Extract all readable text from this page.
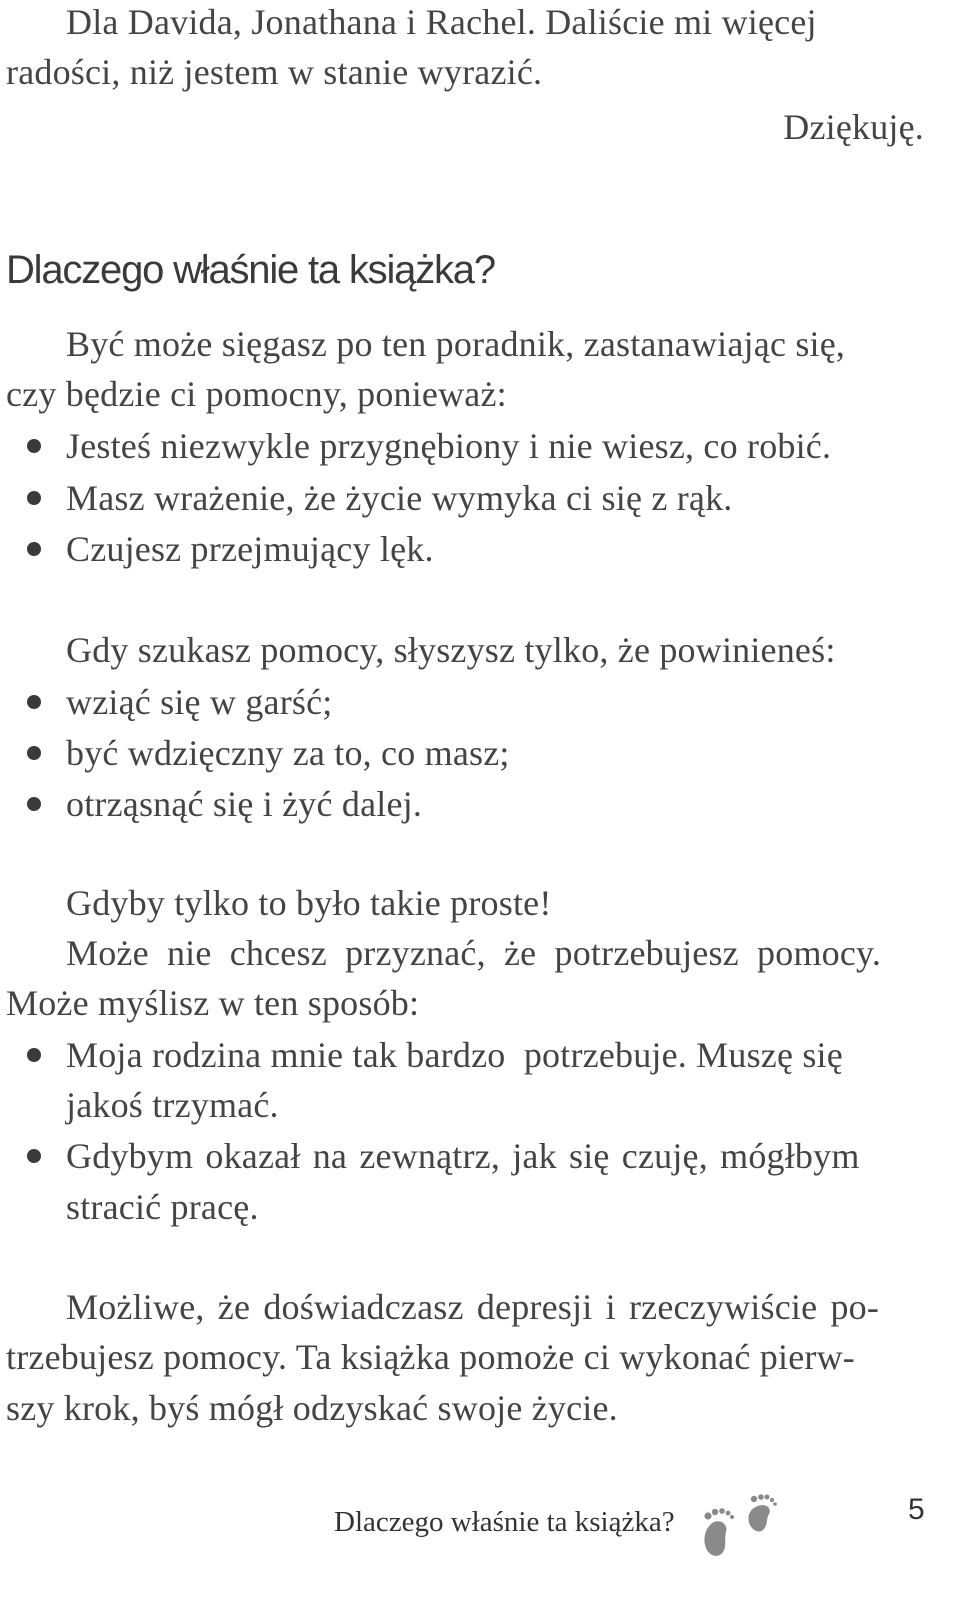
Dla Davida, Jonathana i Rachel. Daliście mi więcej
radości, niż jestem w stanie wyrazić.
Dziękuję.
Dlaczego właśnie ta książka?
Być może sięgasz po ten poradnik, zastanawiając się,
czy będzie ci pomocny, ponieważ:
Jesteś niezwykle przygnębiony i nie wiesz, co robić.
Masz wrażenie, że życie wymyka ci się z rąk.
Czujesz przejmujący lęk.
Gdy szukasz pomocy, słyszysz tylko, że powinieneś:
wziąć się w garść;
być wdzięczny za to, co masz;
otrząsnąć się i żyć dalej.
Gdyby tylko to było takie proste!
Może nie chcesz przyznać, że potrzebujesz pomocy.
Może myślisz w ten sposób:
Moja rodzina mnie tak bardzo  potrzebuje. Muszę się
jakoś trzymać.
Gdybym okazał na zewnątrz, jak się czuję, mógłbym
stracić pracę.
Możliwe, że doświadczasz depresji i rzeczywiście po-
trzebujesz pomocy. Ta książka pomoże ci wykonać pierw-
szy krok, byś mógł odzyskać swoje życie.
Dlaczego właśnie ta książka?	5
